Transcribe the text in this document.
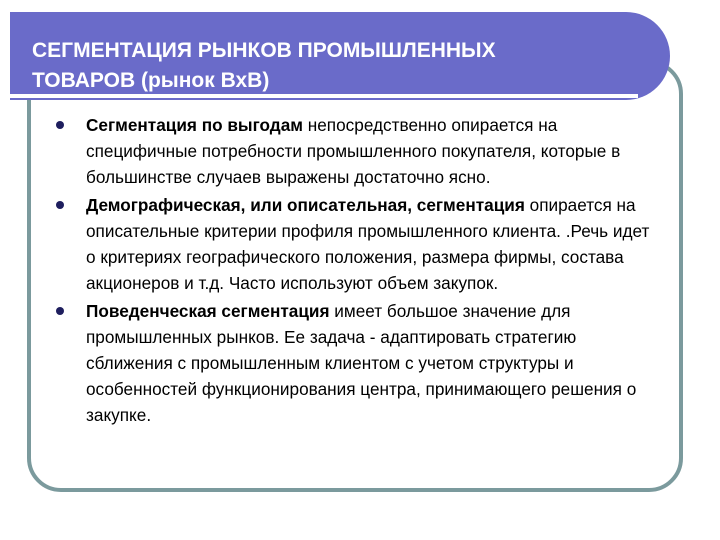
СЕГМЕНТАЦИЯ РЫНКОВ ПРОМЫШЛЕННЫХ
ТОВАРОВ (рынок ВхВ)
Сегментация по выгодам непосредственно опирается на специфичные потребности промышленного покупателя, которые в большинстве случаев выражены достаточно ясно.
Демографическая, или описательная, сегментация опирается на описательные критерии профиля промышленного клиента. .Речь идет о критериях географического положения, размера фирмы, состава акционеров и т.д. Часто используют объем закупок.
Поведенческая сегментация имеет большое значение для промышленных рынков. Ее задача - адаптировать стратегию сближения с промышленным клиентом с учетом структуры и особенностей функционирования центра, принимающего решения о закупке.
